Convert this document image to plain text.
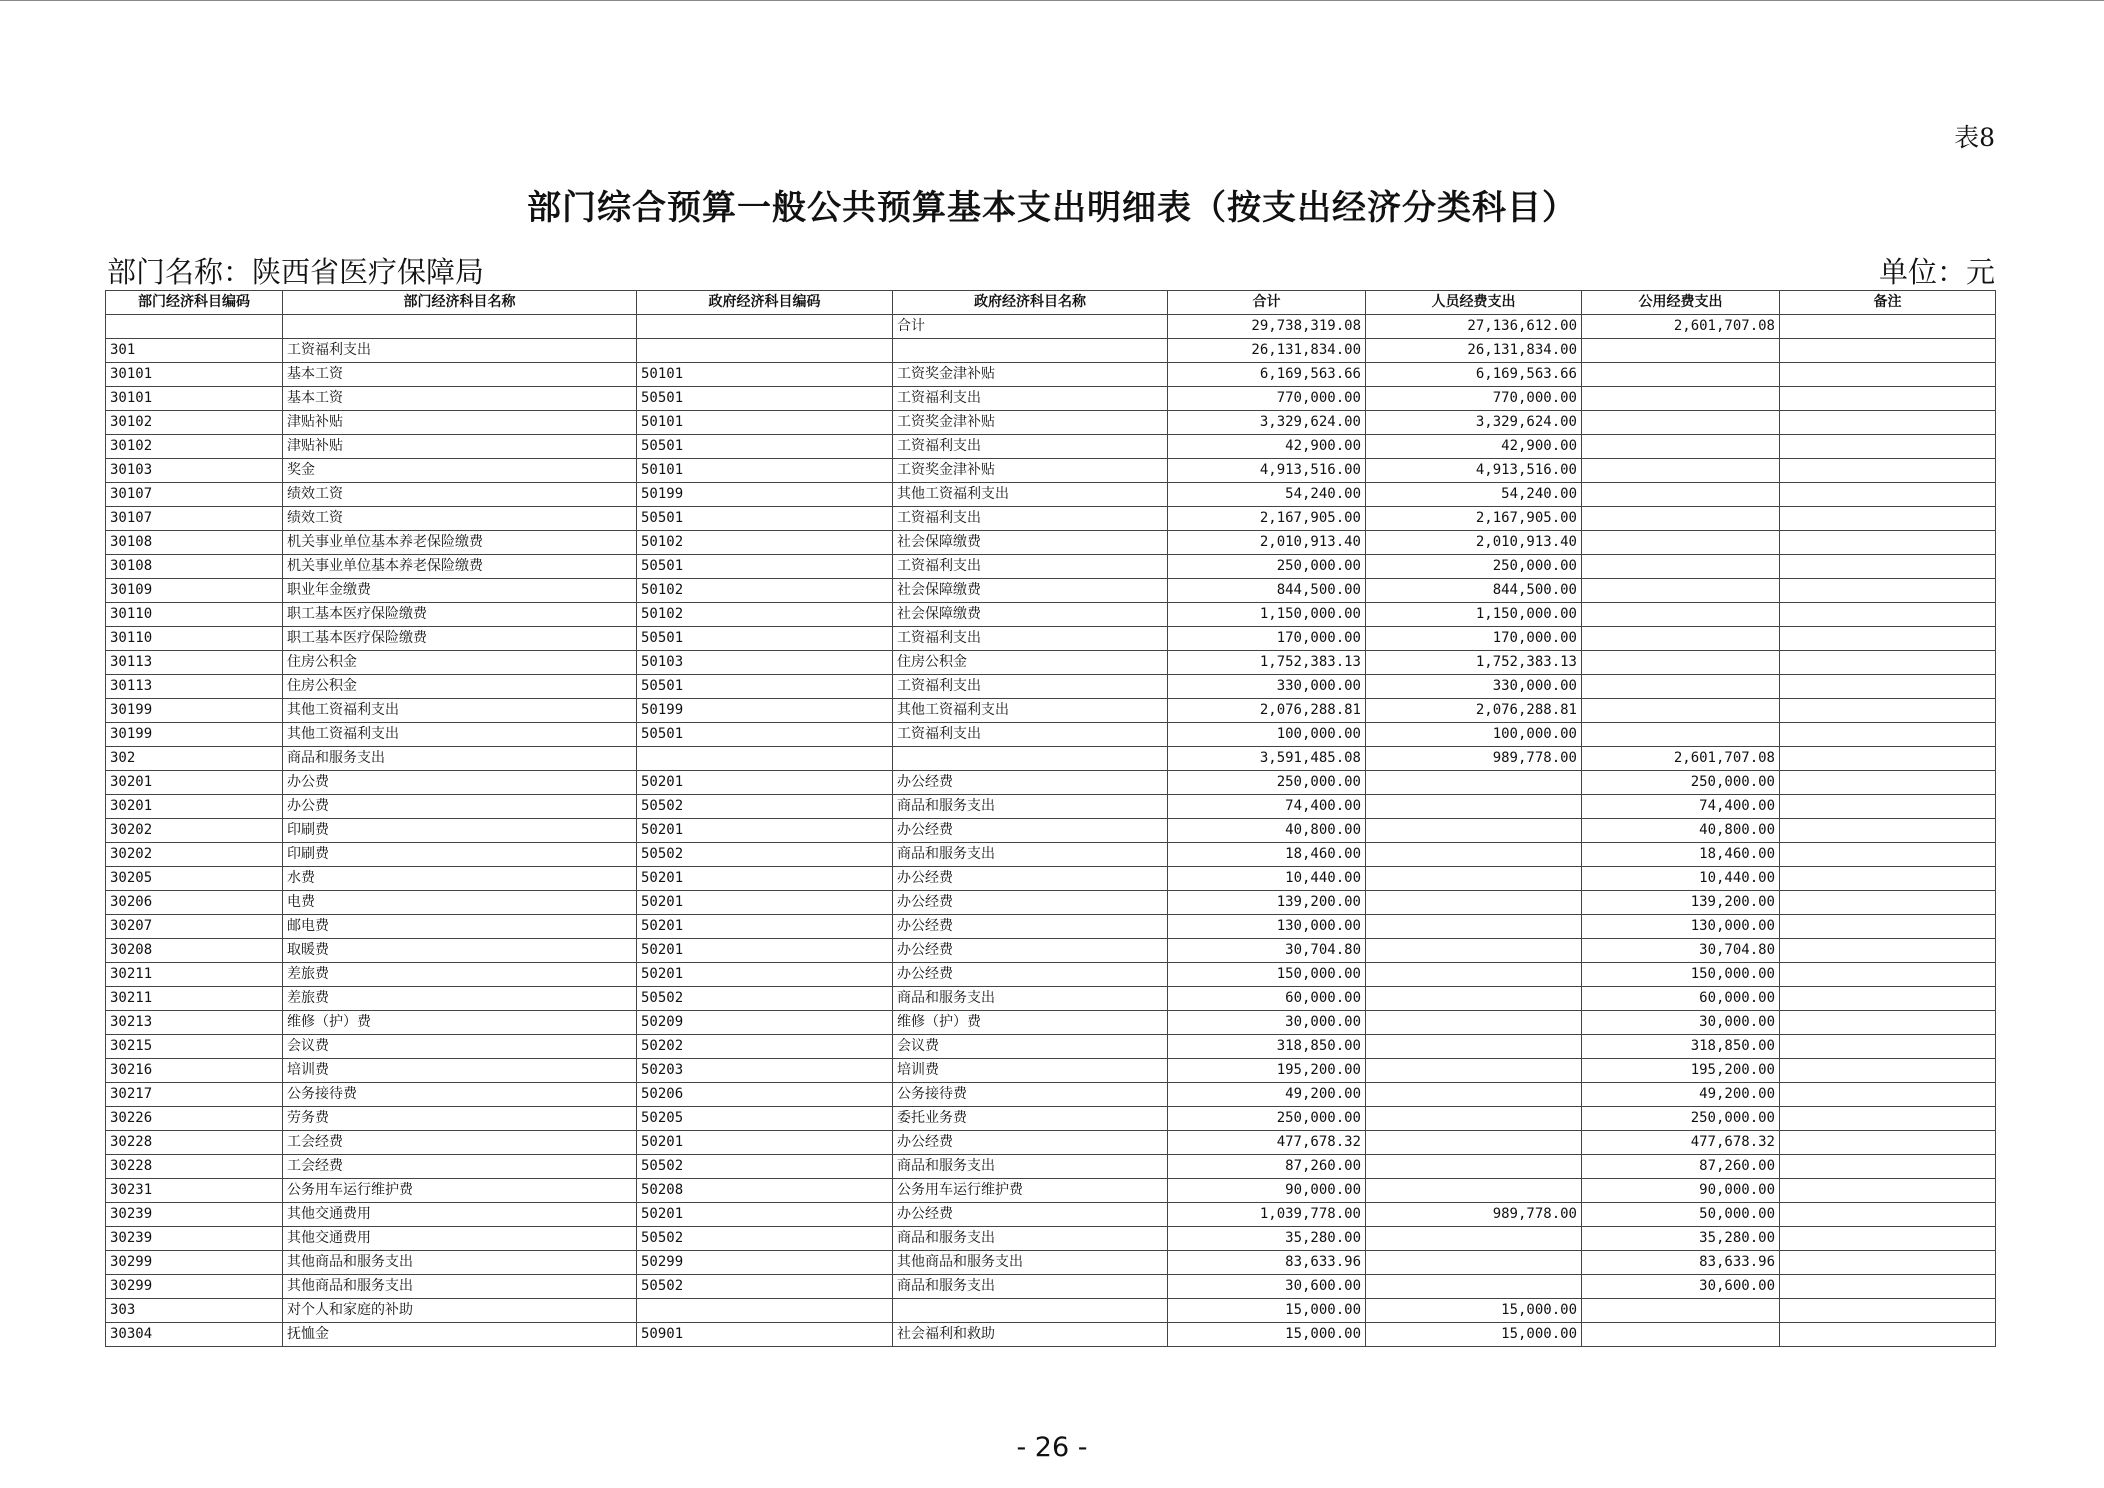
表8
部门综合预算一般公共预算基本支出明细表（按支出经济分类科目）
部门名称：陕西省医疗保障局	单位：元
部门经济科目编码	部门经济科目名称	政府经济科目编码	政府经济科目名称	合计	人员经费支出	公用经费支出	备注
			合计	29,738,319.08	27,136,612.00	2,601,707.08	
301	工资福利支出			26,131,834.00	26,131,834.00		
30101	基本工资	50101	工资奖金津补贴	6,169,563.66	6,169,563.66		
30101	基本工资	50501	工资福利支出	770,000.00	770,000.00		
30102	津贴补贴	50101	工资奖金津补贴	3,329,624.00	3,329,624.00		
30102	津贴补贴	50501	工资福利支出	42,900.00	42,900.00		
30103	奖金	50101	工资奖金津补贴	4,913,516.00	4,913,516.00		
30107	绩效工资	50199	其他工资福利支出	54,240.00	54,240.00		
30107	绩效工资	50501	工资福利支出	2,167,905.00	2,167,905.00		
30108	机关事业单位基本养老保险缴费	50102	社会保障缴费	2,010,913.40	2,010,913.40		
30108	机关事业单位基本养老保险缴费	50501	工资福利支出	250,000.00	250,000.00		
30109	职业年金缴费	50102	社会保障缴费	844,500.00	844,500.00		
30110	职工基本医疗保险缴费	50102	社会保障缴费	1,150,000.00	1,150,000.00		
30110	职工基本医疗保险缴费	50501	工资福利支出	170,000.00	170,000.00		
30113	住房公积金	50103	住房公积金	1,752,383.13	1,752,383.13		
30113	住房公积金	50501	工资福利支出	330,000.00	330,000.00		
30199	其他工资福利支出	50199	其他工资福利支出	2,076,288.81	2,076,288.81		
30199	其他工资福利支出	50501	工资福利支出	100,000.00	100,000.00		
302	商品和服务支出			3,591,485.08	989,778.00	2,601,707.08	
30201	办公费	50201	办公经费	250,000.00		250,000.00	
30201	办公费	50502	商品和服务支出	74,400.00		74,400.00	
30202	印刷费	50201	办公经费	40,800.00		40,800.00	
30202	印刷费	50502	商品和服务支出	18,460.00		18,460.00	
30205	水费	50201	办公经费	10,440.00		10,440.00	
30206	电费	50201	办公经费	139,200.00		139,200.00	
30207	邮电费	50201	办公经费	130,000.00		130,000.00	
30208	取暖费	50201	办公经费	30,704.80		30,704.80	
30211	差旅费	50201	办公经费	150,000.00		150,000.00	
30211	差旅费	50502	商品和服务支出	60,000.00		60,000.00	
30213	维修（护）费	50209	维修（护）费	30,000.00		30,000.00	
30215	会议费	50202	会议费	318,850.00		318,850.00	
30216	培训费	50203	培训费	195,200.00		195,200.00	
30217	公务接待费	50206	公务接待费	49,200.00		49,200.00	
30226	劳务费	50205	委托业务费	250,000.00		250,000.00	
30228	工会经费	50201	办公经费	477,678.32		477,678.32	
30228	工会经费	50502	商品和服务支出	87,260.00		87,260.00	
30231	公务用车运行维护费	50208	公务用车运行维护费	90,000.00		90,000.00	
30239	其他交通费用	50201	办公经费	1,039,778.00	989,778.00	50,000.00	
30239	其他交通费用	50502	商品和服务支出	35,280.00		35,280.00	
30299	其他商品和服务支出	50299	其他商品和服务支出	83,633.96		83,633.96	
30299	其他商品和服务支出	50502	商品和服务支出	30,600.00		30,600.00	
303	对个人和家庭的补助			15,000.00	15,000.00		
30304	抚恤金	50901	社会福利和救助	15,000.00	15,000.00		
- 26 -
